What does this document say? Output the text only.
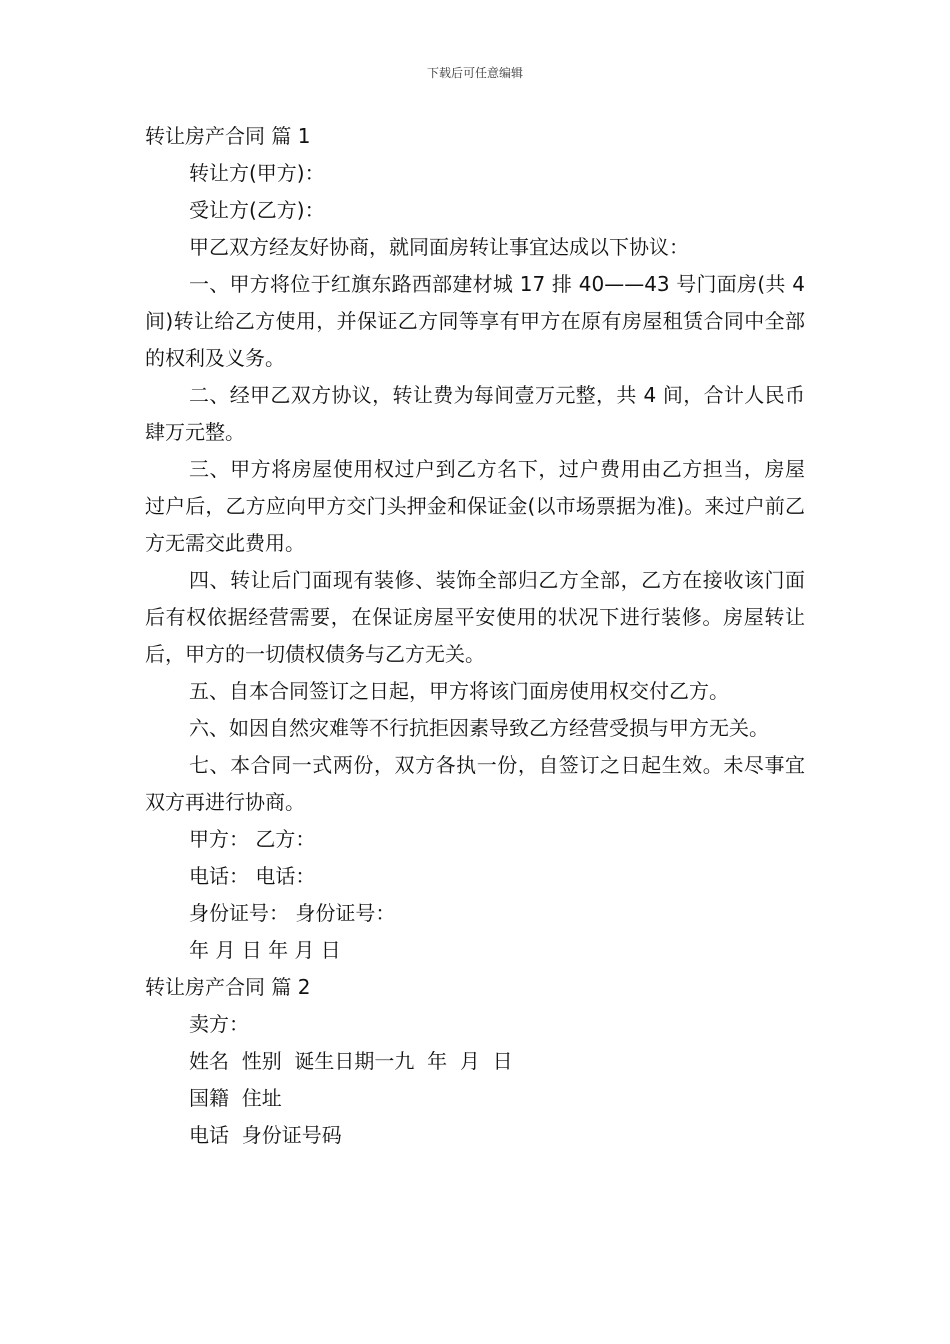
下载后可任意编辑
转让房产合同 篇 1
转让方(甲方)：
受让方(乙方)：
甲乙双方经友好协商，就同面房转让事宜达成以下协议：
一、甲方将位于红旗东路西部建材城 17 排 40——43 号门面房(共 4 间)转让给乙方使用，并保证乙方同等享有甲方在原有房屋租赁合同中全部的权利及义务。
二、经甲乙双方协议，转让费为每间壹万元整，共 4 间，合计人民币肆万元整。
三、甲方将房屋使用权过户到乙方名下，过户费用由乙方担当，房屋过户后，乙方应向甲方交门头押金和保证金(以市场票据为准)。来过户前乙方无需交此费用。
四、转让后门面现有装修、装饰全部归乙方全部，乙方在接收该门面后有权依据经营需要，在保证房屋平安使用的状况下进行装修。房屋转让后，甲方的一切债权债务与乙方无关。
五、自本合同签订之日起，甲方将该门面房使用权交付乙方。
六、如因自然灾难等不行抗拒因素导致乙方经营受损与甲方无关。
七、本合同一式两份，双方各执一份，自签订之日起生效。未尽事宜双方再进行协商。
甲方： 乙方：
电话： 电话：
身份证号： 身份证号：
年 月 日 年 月 日
转让房产合同 篇 2
卖方：
姓名  性别  诞生日期一九  年  月  日
国籍  住址
电话  身份证号码
